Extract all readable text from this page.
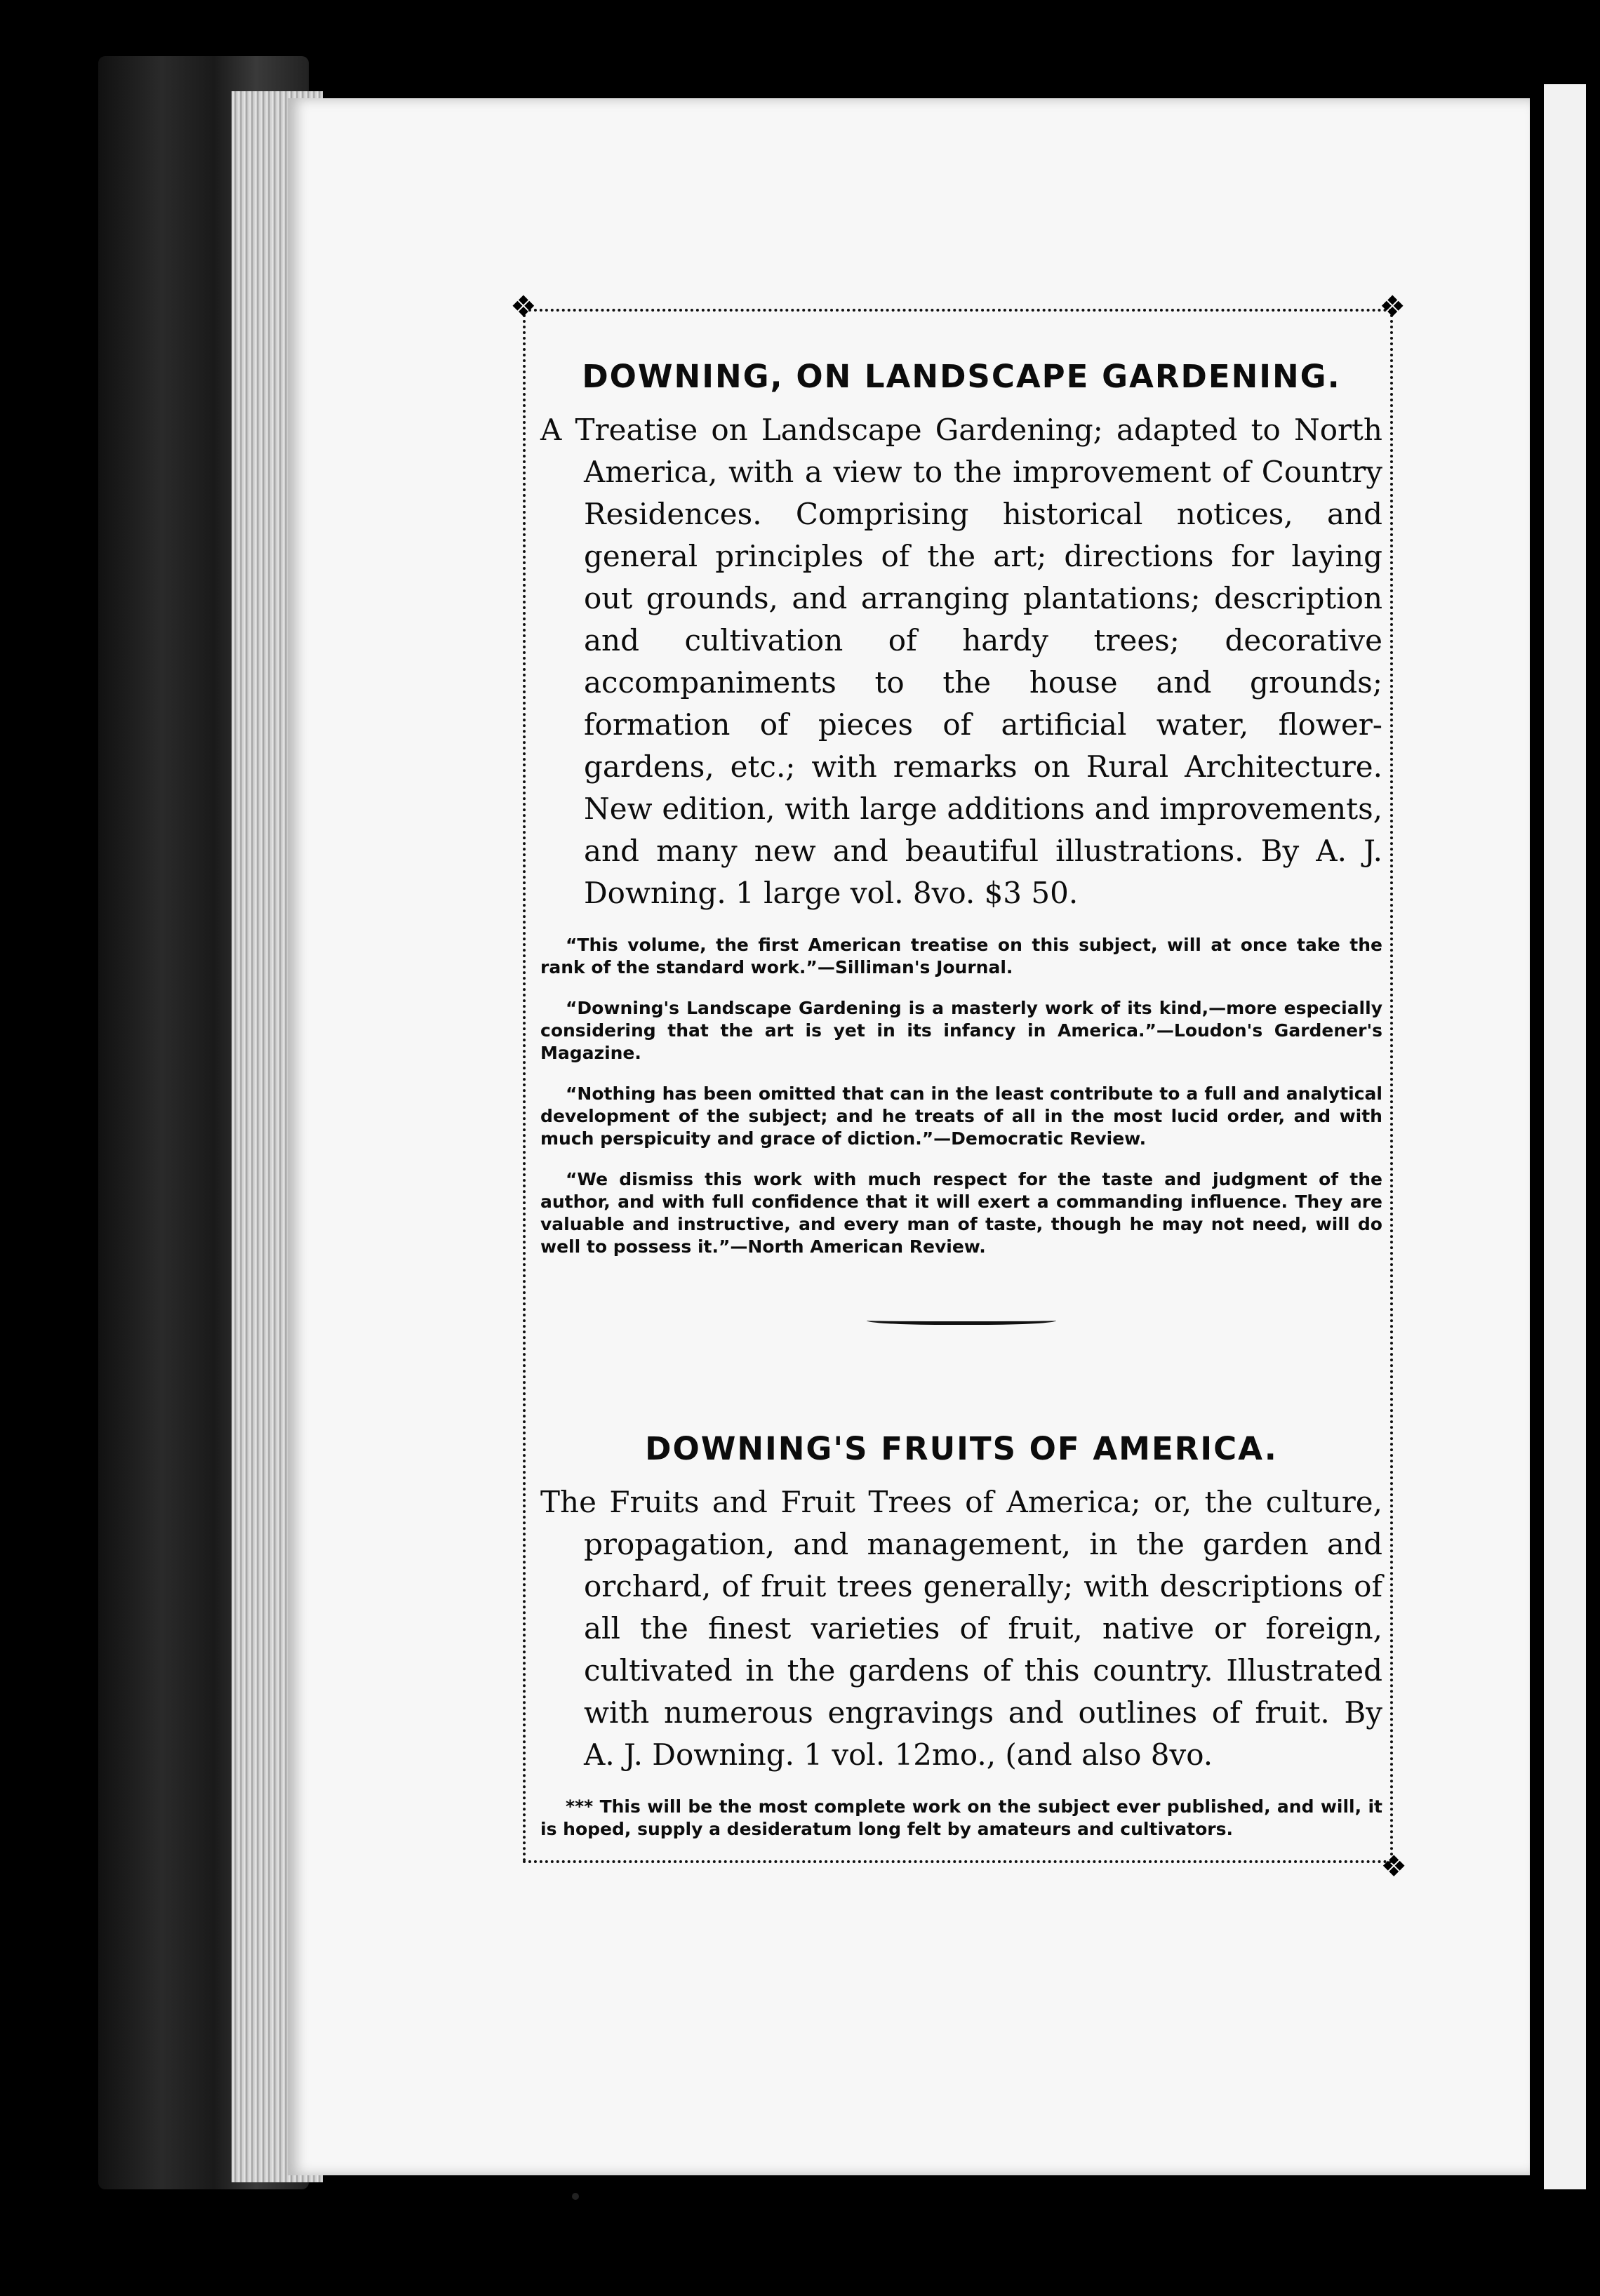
❖	❖
❖
DOWNING, ON LANDSCAPE GARDENING.

A Treatise on Landscape Gardening; adapted to North America, with a view to the improvement of Country Residences. Comprising historical notices, and general principles of the art; directions for laying out grounds, and arranging plantations; description and cultivation of hardy trees; decorative accompaniments to the house and grounds; formation of pieces of artificial water, flower-gardens, etc.; with remarks on Rural Architecture. New edition, with large additions and improvements, and many new and beautiful illustrations. By A. J. Downing. 1 large vol. 8vo. $3 50.

“This volume, the first American treatise on this subject, will at once take the rank of the standard work.”—Silliman's Journal.

“Downing's Landscape Gardening is a masterly work of its kind,—more especially considering that the art is yet in its infancy in America.”—Loudon's Gardener's Magazine.

“Nothing has been omitted that can in the least contribute to a full and analytical development of the subject; and he treats of all in the most lucid order, and with much perspicuity and grace of diction.”—Democratic Review.

“We dismiss this work with much respect for the taste and judgment of the author, and with full confidence that it will exert a commanding influence. They are valuable and instructive, and every man of taste, though he may not need, will do well to possess it.”—North American Review.

DOWNING'S FRUITS OF AMERICA.

The Fruits and Fruit Trees of America; or, the culture, propagation, and management, in the garden and orchard, of fruit trees generally; with descriptions of all the finest varieties of fruit, native or foreign, cultivated in the gardens of this country. Illustrated with numerous engravings and outlines of fruit. By A. J. Downing. 1 vol. 12mo., (and also 8vo.

*** This will be the most complete work on the subject ever published, and will, it is hoped, supply a desideratum long felt by amateurs and cultivators.
